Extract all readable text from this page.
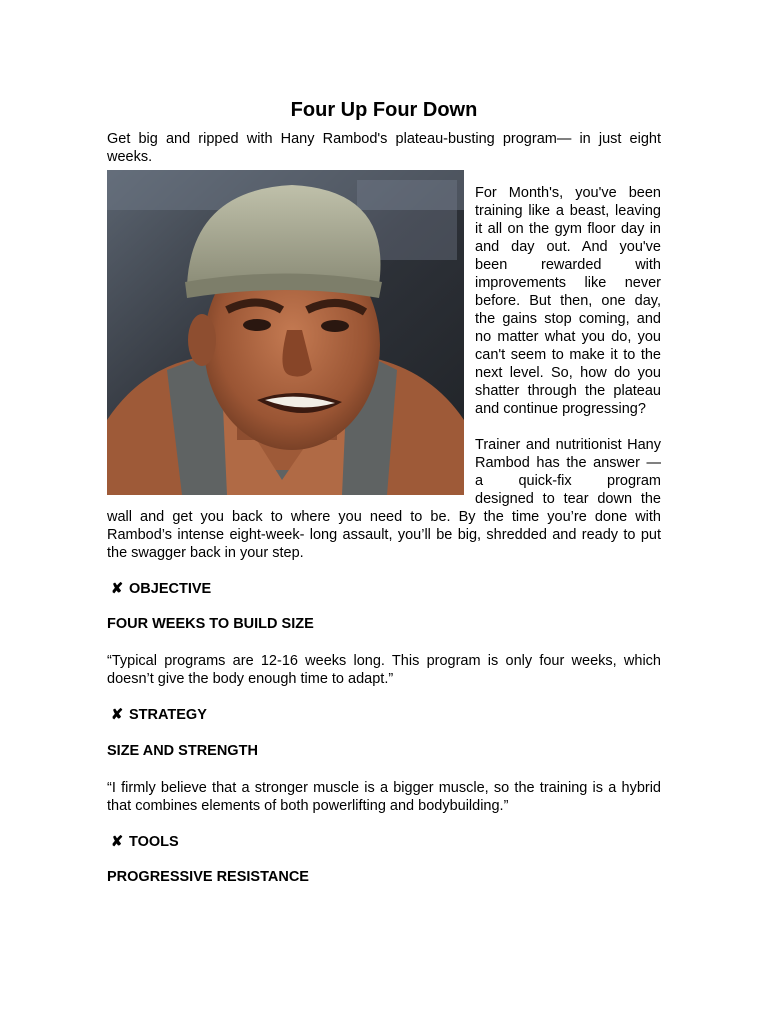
Four Up Four Down

Get big and ripped with Hany Rambod's plateau-busting program— in just eight weeks.

For Month's, you've been training like a beast, leaving it all on the gym floor day in and day out. And you've been rewarded with improvements like never before. But then, one day, the gains stop coming, and no matter what you do, you can't seem to make it to the next level. So, how do you shatter through the plateau and continue progressing?

Trainer and nutritionist Hany Rambod has the answer — a quick-fix program designed to tear down the wall and get you back to where you need to be. By the time you’re done with Rambod’s intense eight-week- long assault, you’ll be big, shredded and ready to put the swagger back in your step.

✘ OBJECTIVE

FOUR WEEKS TO BUILD SIZE

“Typical programs are 12-16 weeks long. This program is only four weeks, which doesn’t give the body enough time to adapt.”

✘ STRATEGY

SIZE AND STRENGTH

“I firmly believe that a stronger muscle is a bigger muscle, so the training is a hybrid that combines elements of both powerlifting and bodybuilding.”

✘ TOOLS

PROGRESSIVE RESISTANCE
